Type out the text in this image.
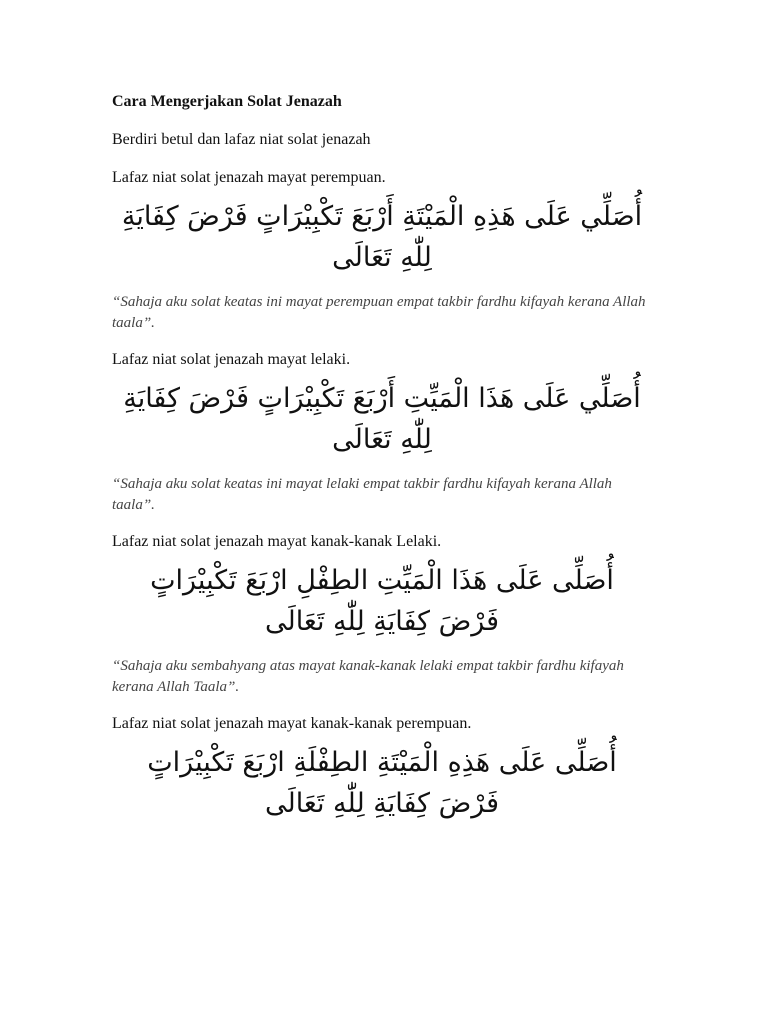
Cara Mengerjakan Solat Jenazah
Berdiri betul dan lafaz niat solat jenazah
Lafaz niat solat jenazah mayat perempuan.
أُصَلِّي عَلَى هَذِهِ الْمَيْتَةِ أَرْبَعَ تَكْبِيْرَاتٍ فَرْضَ كِفَايَةِ لِلّٰهِ تَعَالَى
“Sahaja aku solat keatas ini mayat perempuan empat takbir fardhu kifayah kerana Allah taala”.
Lafaz niat solat jenazah mayat lelaki.
أُصَلِّي عَلَى هَذَا الْمَيِّتِ أَرْبَعَ تَكْبِيْرَاتٍ فَرْضَ كِفَايَةِ لِلّٰهِ تَعَالَى
“Sahaja aku solat keatas ini mayat lelaki empat takbir fardhu kifayah kerana Allah taala”.
Lafaz niat solat jenazah mayat kanak-kanak Lelaki.
أُصَلِّى عَلَى هَذَا الْمَيِّتِ الطِفْلِ ارْبَعَ تَكْبِيْرَاتٍ فَرْضَ كِفَايَةِ لِلّٰهِ تَعَالَى
“Sahaja aku sembahyang atas mayat kanak-kanak lelaki empat takbir fardhu kifayah kerana Allah Taala”.
Lafaz niat solat jenazah mayat kanak-kanak perempuan.
أُصَلِّى عَلَى هَذِهِ الْمَيْتَةِ الطِفْلَةِ ارْبَعَ تَكْبِيْرَاتٍ فَرْضَ كِفَايَةِ لِلّٰهِ تَعَالَى
